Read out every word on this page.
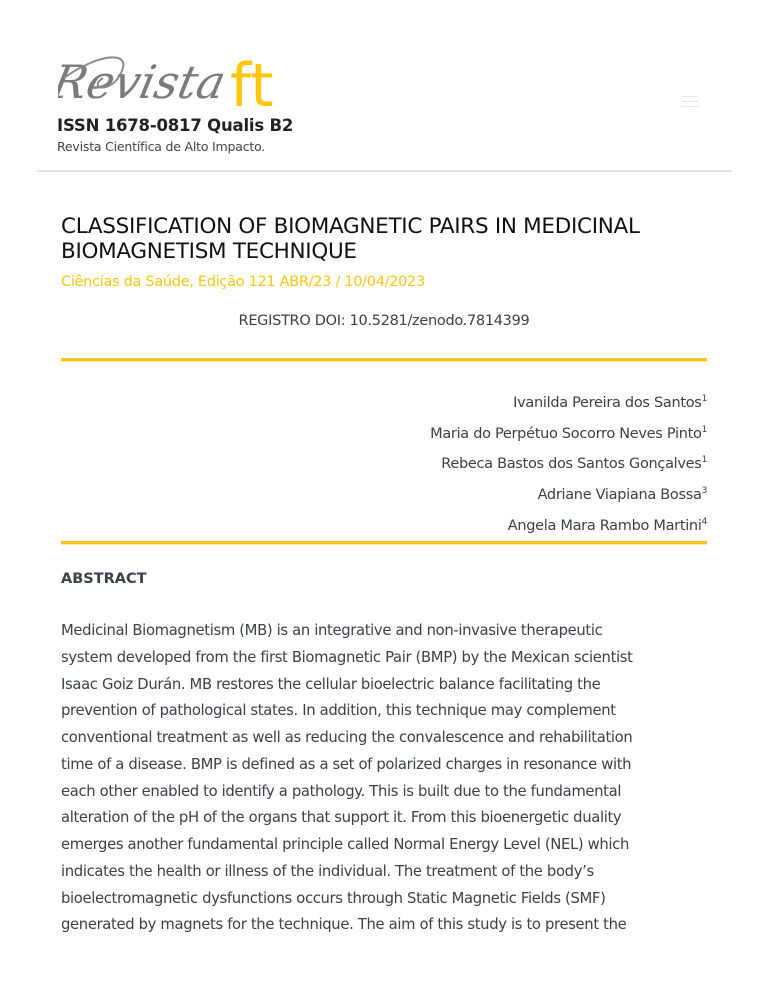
Revista ft
ISSN 1678-0817 Qualis B2
Revista Científica de Alto Impacto.
CLASSIFICATION OF BIOMAGNETIC PAIRS IN MEDICINAL BIOMAGNETISM TECHNIQUE
Ciências da Saúde, Edição 121 ABR/23 / 10/04/2023
REGISTRO DOI: 10.5281/zenodo.7814399
Ivanilda Pereira dos Santos$^1$
Maria do Perpétuo Socorro Neves Pinto$^1$
Rebeca Bastos dos Santos Gonçalves$^1$
Adriane Viapiana Bossa$^3$
Angela Mara Rambo Martini$^4$
ABSTRACT
Medicinal Biomagnetism (MB) is an integrative and non-invasive therapeutic
system developed from the first Biomagnetic Pair (BMP) by the Mexican scientist
Isaac Goiz Durán. MB restores the cellular bioelectric balance facilitating the
prevention of pathological states. In addition, this technique may complement
conventional treatment as well as reducing the convalescence and rehabilitation
time of a disease. BMP is defined as a set of polarized charges in resonance with
each other enabled to identify a pathology. This is built due to the fundamental
alteration of the pH of the organs that support it. From this bioenergetic duality
emerges another fundamental principle called Normal Energy Level (NEL) which
indicates the health or illness of the individual. The treatment of the body’s
bioelectromagnetic dysfunctions occurs through Static Magnetic Fields (SMF)
generated by magnets for the technique. The aim of this study is to present the
